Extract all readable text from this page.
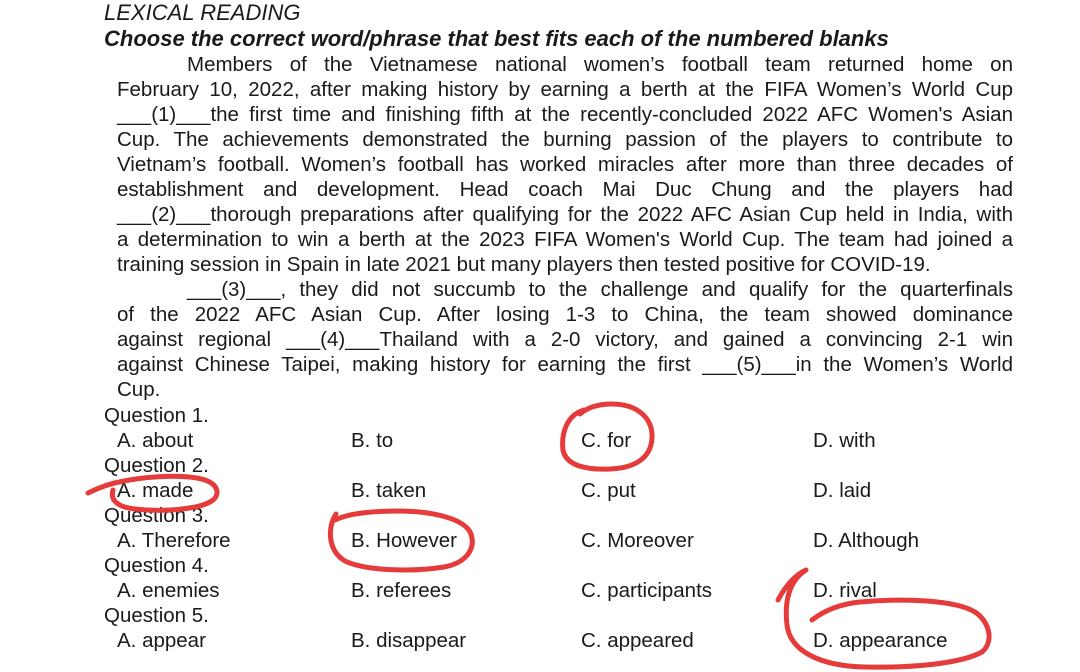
LEXICAL READING
Choose the correct word/phrase that best fits each of the numbered blanks
Members of the Vietnamese national women’s football team returned home on
February 10, 2022, after making history by earning a berth at the FIFA Women’s World Cup
___(1)___the first time and finishing fifth at the recently-concluded 2022 AFC Women's Asian
Cup. The achievements demonstrated the burning passion of the players to contribute to
Vietnam’s football. Women’s football has worked miracles after more than three decades of
establishment and development. Head coach Mai Duc Chung and the players had
___(2)___thorough preparations after qualifying for the 2022 AFC Asian Cup held in India, with
a determination to win a berth at the 2023 FIFA Women's World Cup. The team had joined a
training session in Spain in late 2021 but many players then tested positive for COVID-19.
___(3)___, they did not succumb to the challenge and qualify for the quarterfinals
of the 2022 AFC Asian Cup. After losing 1-3 to China, the team showed dominance
against regional ___(4)___Thailand with a 2-0 victory, and gained a convincing 2-1 win
against Chinese Taipei, making history for earning the first ___(5)___in the Women’s World
Cup.
Question 1.
A. about	B. to	C. for	D. with
Question 2.
A. made	B. taken	C. put	D. laid
Question 3.
A. Therefore	B. However	C. Moreover	D. Although
Question 4.
A. enemies	B. referees	C. participants	D. rival
Question 5.
A. appear	B. disappear	C. appeared	D. appearance
